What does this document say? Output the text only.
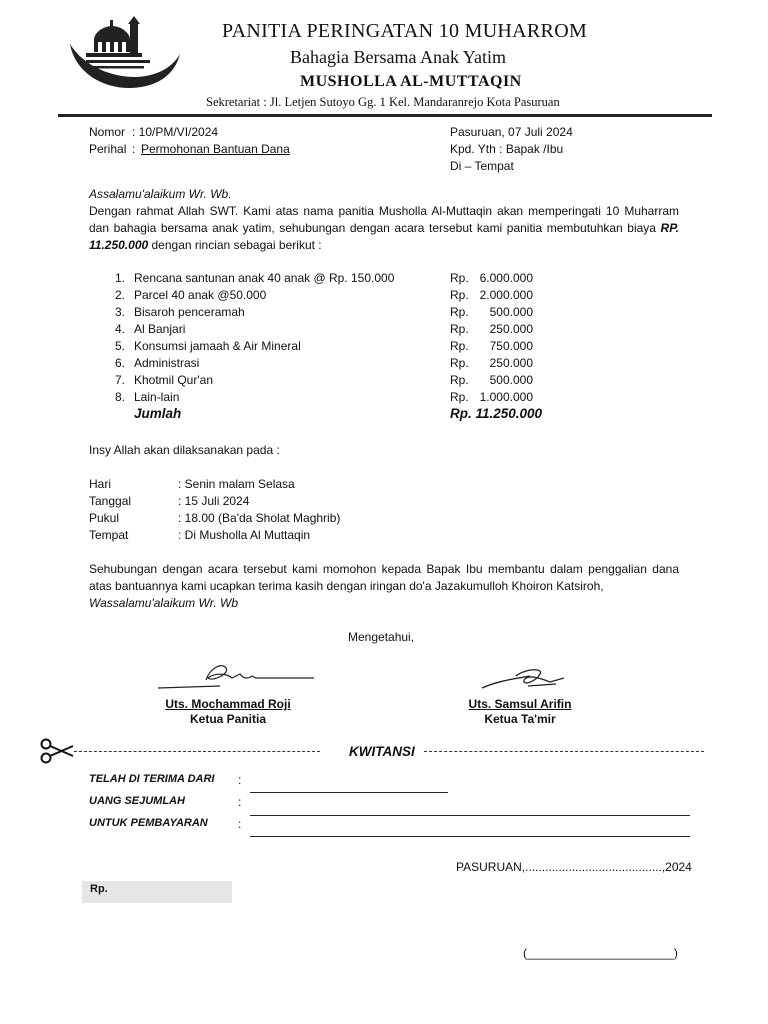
PANITIA PERINGATAN 10 MUHARROM
Bahagia Bersama Anak Yatim
MUSHOLLA AL-MUTTAQIN
Sekretariat : Jl. Letjen Sutoyo Gg. 1 Kel. Mandaranrejo Kota Pasuruan
Nomor : 10/PM/VI/2024
Perihal : Permohonan Bantuan Dana
Pasuruan, 07 Juli 2024
Kpd. Yth : Bapak /Ibu
Di – Tempat
Assalamu'alaikum Wr. Wb.
Dengan rahmat Allah SWT. Kami atas nama panitia Musholla Al-Muttaqin akan memperingati 10 Muharram dan bahagia bersama anak yatim, sehubungan dengan acara tersebut kami panitia membutuhkan biaya RP. 11.250.000 dengan rincian sebagai berikut :
1. Rencana santunan anak 40 anak @ Rp. 150.000	Rp. 6.000.000
2. Parcel 40 anak @50.000	Rp. 2.000.000
3. Bisaroh penceramah	Rp.	500.000
4. Al Banjari	Rp.	250.000
5. Konsumsi jamaah & Air Mineral	Rp.	750.000
6. Administrasi	Rp.	250.000
7. Khotmil Qur'an	Rp.	500.000
8. Lain-lain	Rp. 1.000.000
Jumlah	Rp. 11.250.000
Insy Allah akan dilaksanakan pada :
Hari	: Senin malam Selasa
Tanggal	: 15 Juli 2024
Pukul	: 18.00 (Ba'da Sholat Maghrib)
Tempat	: Di Musholla Al Muttaqin
Sehubungan dengan acara tersebut kami momohon kepada Bapak Ibu membantu dalam penggalian dana atas bantuannya kami ucapkan terima kasih dengan iringan do'a Jazakumulloh Khoiron Katsiroh,
Wassalamu'alaikum Wr. Wb
Mengetahui,
Uts. Mochammad Roji
Ketua Panitia
Uts. Samsul Arifin
Ketua Ta'mir
KWITANSI
TELAH DI TERIMA DARI :
UANG SEJUMLAH	:
UNTUK PEMBAYARAN	:
PASURUAN,.........................................,2024
Rp.
(______________________)
